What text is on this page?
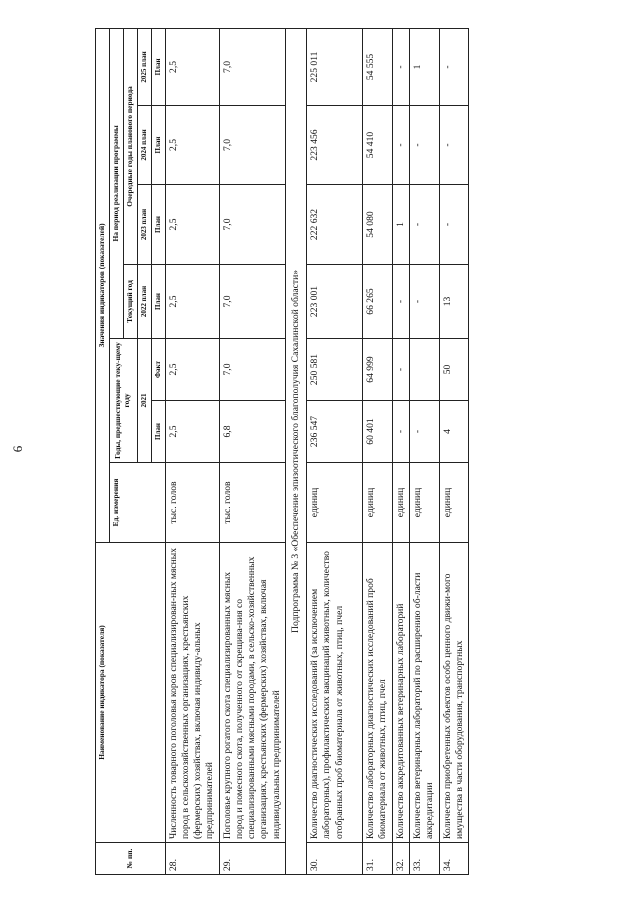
6
№ пп.	Наименование индикатора (показателя)	Значения индикаторов (показателей)						
		Ед. измерения	Годы, предшествующие теку-щему году		На период реализации программы			
					Текущий год	Очередные годы планового периода		
					2022 план	2023 план	2024 план	2025 план
			2021					
			План	Факт	План	План	План	План
28.	Численность товарного поголовья коров специализирован-ных мясных пород в сельскохозяйственных организациях, крестьянских (фермерских) хозяйствах, включая индивиду-альных предпринимателей	тыс. голов	2,5	2,5	2,5	2,5	2,5	2,5
29.	Поголовье крупного рогатого скота специализированных мясных пород и помесного скота, полученного от скрещива-ния со специализированными мясными породами, в сельско-хозяйственных организациях, крестьянских (фермерских) хозяйствах, включая индивидуальных предпринимателей	тыс. голов	6,8	7,0	7,0	7,0	7,0	7,0
Подпрограмма № 3 «Обеспечение эпизоотического благополучия Сахалинской области»								
30.	Количество диагностических исследований (за исключением лабораторных), профилактических вакцинаций животных, количество отобранных проб биоматериала от животных, птиц, пчел	единиц	236 547	250 581	223 001	222 632	223 456	225 011
31.	Количество лабораторных диагностических исследований проб биоматериала от животных, птиц, пчел	единиц	60 401	64 999	66 265	54 080	54 410	54 555
32.	Количество аккредитованных ветеринарных лабораторий	единиц	-	-	-	1	-	-
33.	Количество ветеринарных лабораторий по расширению об-ласти аккредитации	единиц	-		-	-	-	1
34.	Количество приобретенных объектов особо ценного движи-мого имущества в части оборудования, транспортных	единиц	4	50	13	-	-	-
